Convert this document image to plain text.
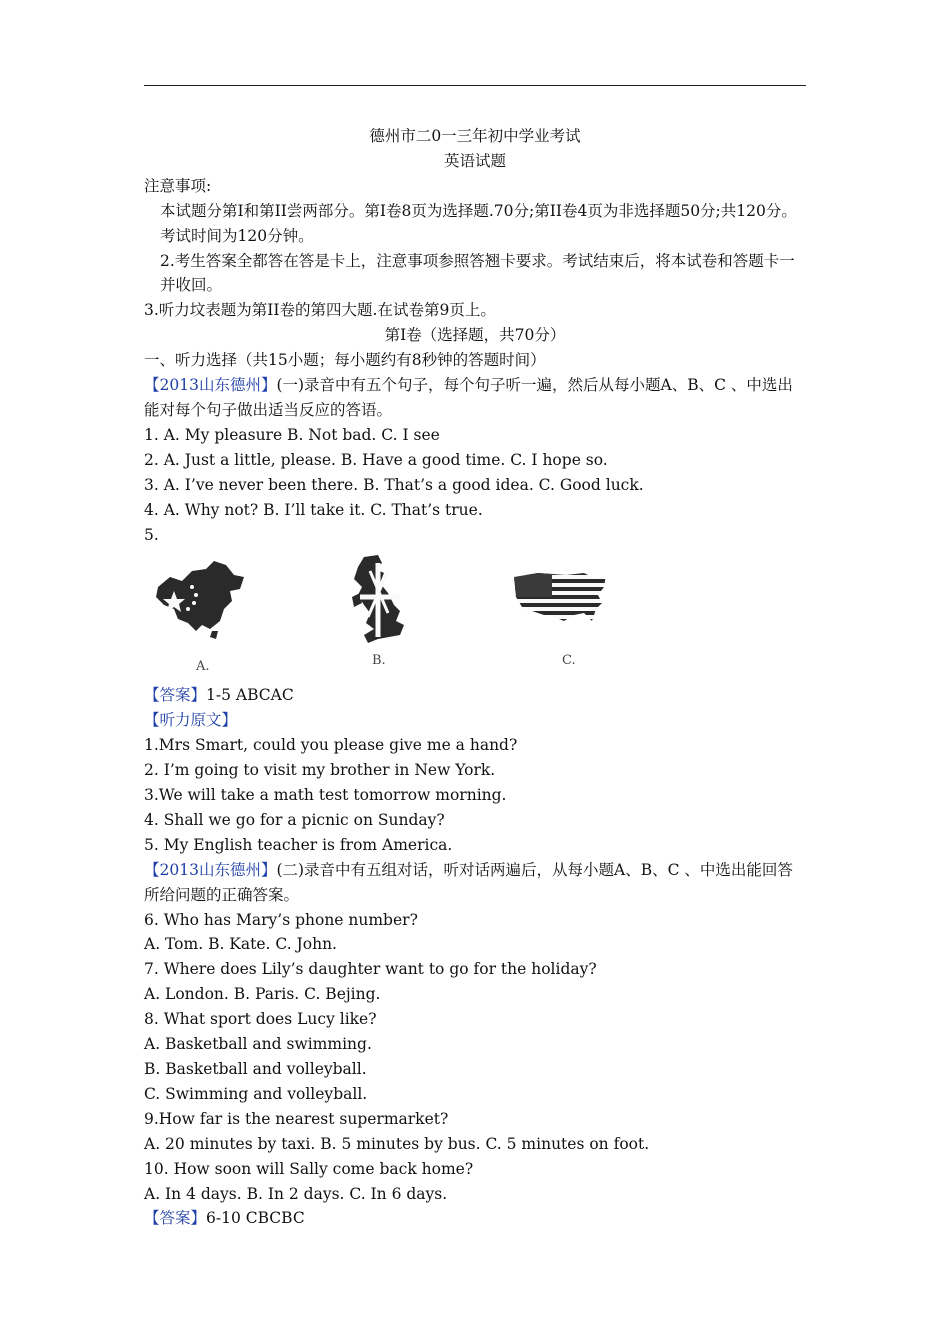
德州市二0一三年初中学业考试
英语试题
注意事项:
本试题分第I和第II尝两部分。第I卷8页为选择题.70分;第II卷4页为非选择题50分;共120分。考试时间为120分钟。
2.考生答案全都答在答是卡上，注意事项参照答翘卡要求。考试结束后，将本试卷和答题卡一并收回。
3.听力坟表题为第II卷的第四大题.在试卷第9页上。
第I卷（选择题，共70分）
一、听力选择（共15小题；每小题约有8秒钟的答题时间）
【2013山东德州】(一)录音中有五个句子，每个句子听一遍，然后从每小题A、B、C 、中选出能对每个句子做出适当反应的答语。
1. A. My pleasure B. Not bad. C. I see
2. A. Just a little, please. B. Have a good time. C. I hope so.
3. A. I’ve never been there. B. That’s a good idea. C. Good luck.
4. A. Why not? B. I’ll take it. C. That’s true.
5.
A.	B.	C.
【答案】1-5 ABCAC
【听力原文】
1.Mrs Smart, could you please give me a hand?
2. I’m going to visit my brother in New York.
3.We will take a math test tomorrow morning.
4. Shall we go for a picnic on Sunday?
5. My English teacher is from America.
【2013山东德州】(二)录音中有五组对话，听对话两遍后，从每小题A、B、C 、中选出能回答所给问题的正确答案。
6. Who has Mary’s phone number?
A. Tom. B. Kate. C. John.
7. Where does Lily’s daughter want to go for the holiday?
A. London. B. Paris. C. Bejing.
8. What sport does Lucy like?
A. Basketball and swimming.
B. Basketball and volleyball.
C. Swimming and volleyball.
9.How far is the nearest supermarket?
A. 20 minutes by taxi. B. 5 minutes by bus. C. 5 minutes on foot.
10. How soon will Sally come back home?
A. In 4 days. B. In 2 days. C. In 6 days.
【答案】6-10 CBCBC
